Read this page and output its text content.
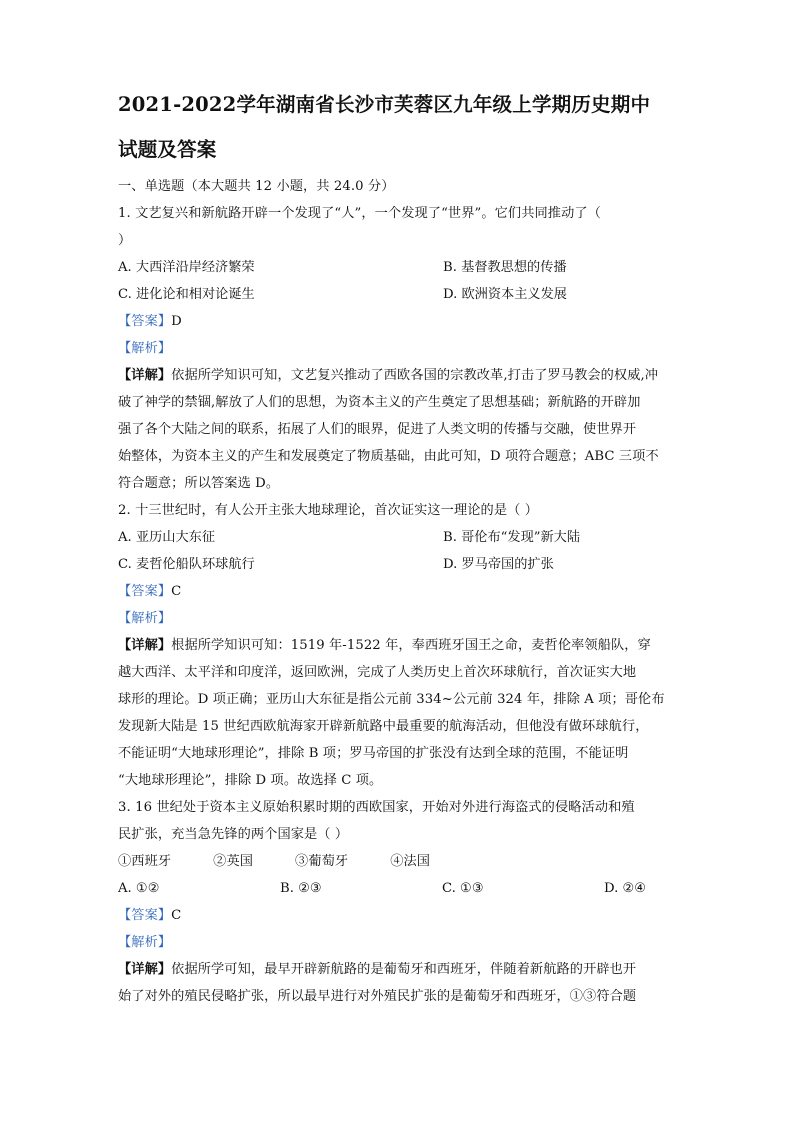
2021-2022学年湖南省长沙市芙蓉区九年级上学期历史期中
试题及答案
一、单选题（本大题共 12 小题，共 24.0 分）
1. 文艺复兴和新航路开辟一个发现了“人”，一个发现了“世界”。它们共同推动了（
）
A. 大西洋沿岸经济繁荣	B. 基督教思想的传播
C. 进化论和相对论诞生	D. 欧洲资本主义发展
【答案】D
【解析】
【详解】依据所学知识可知，文艺复兴推动了西欧各国的宗教改革,打击了罗马教会的权威,冲
破了神学的禁锢,解放了人们的思想，为资本主义的产生奠定了思想基础；新航路的开辟加
强了各个大陆之间的联系，拓展了人们的眼界，促进了人类文明的传播与交融，使世界开
始整体，为资本主义的产生和发展奠定了物质基础，由此可知，D 项符合题意；ABC 三项不
符合题意；所以答案选 D。
2. 十三世纪时，有人公开主张大地球理论，首次证实这一理论的是（ ）
A. 亚历山大东征	B. 哥伦布“发现”新大陆
C. 麦哲伦船队环球航行	D. 罗马帝国的扩张
【答案】C
【解析】
【详解】根据所学知识可知：1519 年-1522 年，奉西班牙国王之命，麦哲伦率领船队，穿
越大西洋、太平洋和印度洋，返回欧洲，完成了人类历史上首次环球航行，首次证实大地
球形的理论。D 项正确；亚历山大东征是指公元前 334~公元前 324 年，排除 A 项；哥伦布
发现新大陆是 15 世纪西欧航海家开辟新航路中最重要的航海活动，但他没有做环球航行，
不能证明“大地球形理论”，排除 B 项；罗马帝国的扩张没有达到全球的范围，不能证明
“大地球形理论”，排除 D 项。故选择 C 项。
3. 16 世纪处于资本主义原始积累时期的西欧国家，开始对外进行海盗式的侵略活动和殖
民扩张，充当急先锋的两个国家是（ ）
①西班牙	②英国	③葡萄牙	④法国
A. ①②	B. ②③	C. ①③	D. ②④
【答案】C
【解析】
【详解】依据所学可知，最早开辟新航路的是葡萄牙和西班牙，伴随着新航路的开辟也开
始了对外的殖民侵略扩张，所以最早进行对外殖民扩张的是葡萄牙和西班牙，①③符合题
